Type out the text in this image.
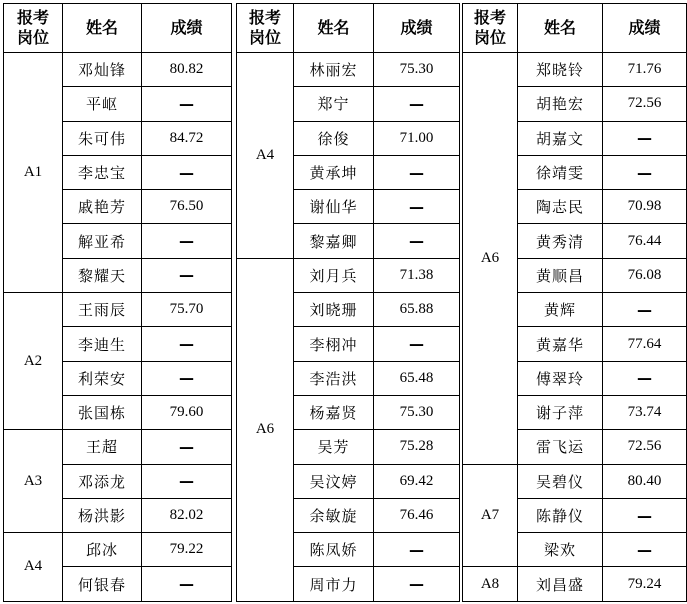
报考
岗位	姓名	成绩
A1	邓灿锋	80.82
	平岖	—
	朱可伟	84.72
	李忠宝	—
	戚艳芳	76.50
	解亚希	—
	黎耀天	—
A2	王雨辰	75.70
	李迪生	—
	利荣安	—
	张国栋	79.60
A3	王超	—
	邓添龙	—
	杨洪影	82.02
A4	邱冰	79.22
	何银春	—
报考
岗位	姓名	成绩
A4	林丽宏	75.30
	郑宁	—
	徐俊	71.00
	黄承坤	—
	谢仙华	—
	黎嘉卿	—
A6	刘月兵	71.38
	刘晓珊	65.88
	李栩冲	—
	李浩洪	65.48
	杨嘉贤	75.30
	吴芳	75.28
	吴汶婷	69.42
	余敏旋	76.46
	陈凤娇	—
	周市力	—
报考
岗位	姓名	成绩
A6	郑晓铃	71.76
	胡艳宏	72.56
	胡嘉文	—
	徐靖雯	—
	陶志民	70.98
	黄秀清	76.44
	黄顺昌	76.08
	黄辉	—
	黄嘉华	77.64
	傅翠玲	—
	谢子萍	73.74
	雷飞运	72.56
A7	吴碧仪	80.40
	陈静仪	—
	梁欢	—
A8	刘昌盛	79.24
